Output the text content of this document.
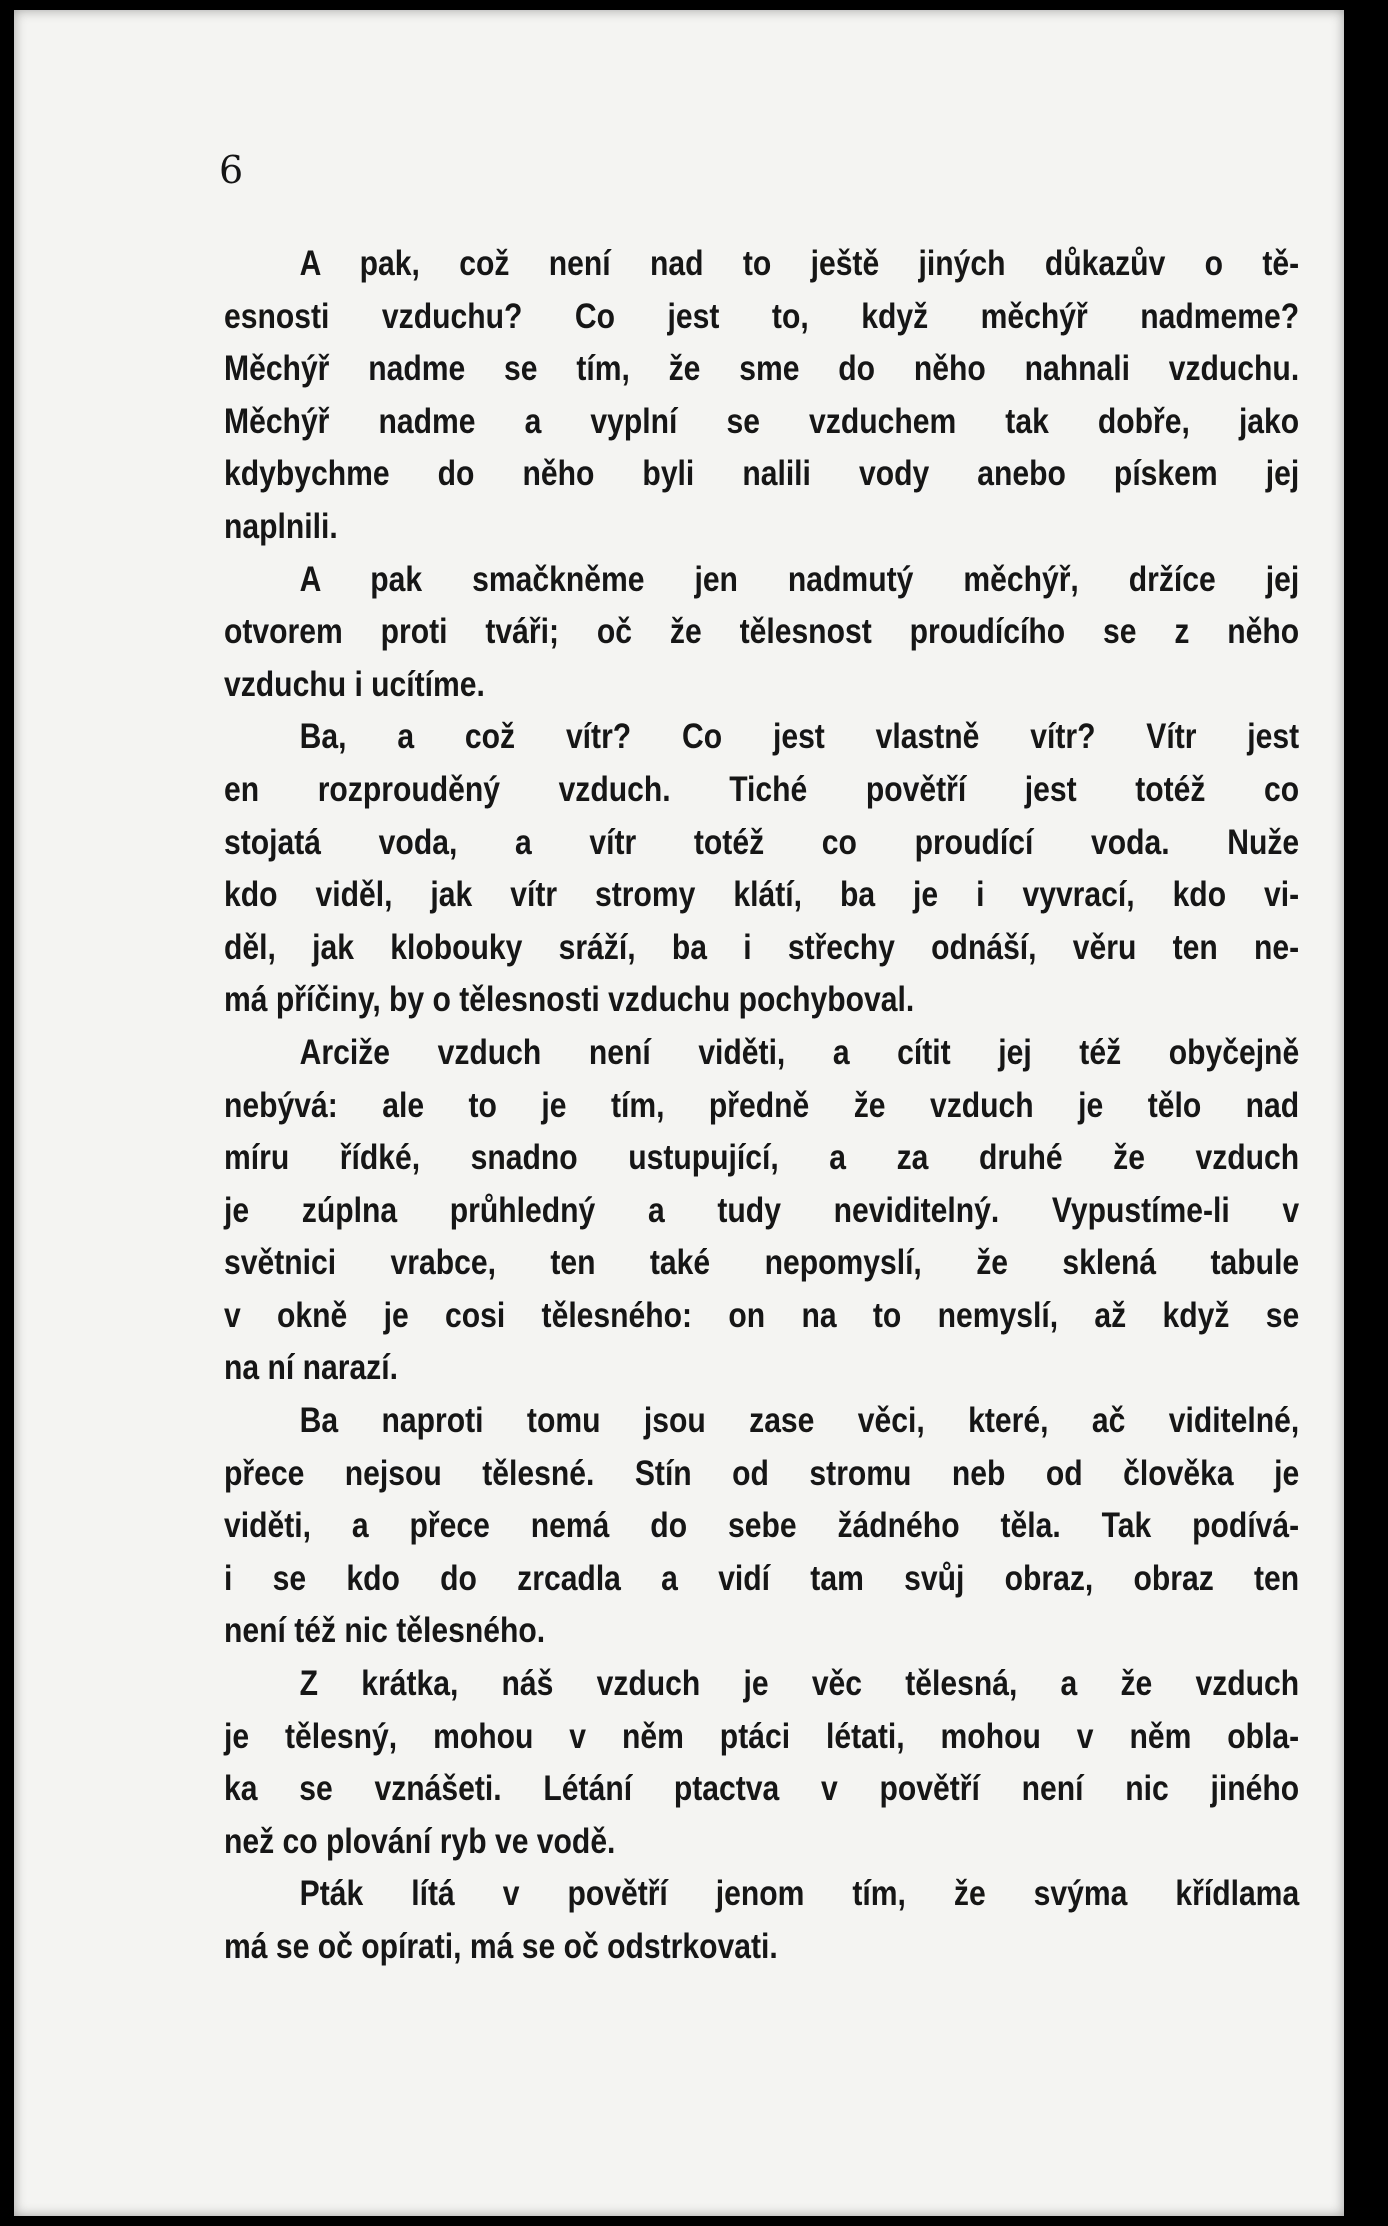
6
A pak, což není nad to ještě jiných důkazův o tě-
esnosti vzduchu? Co jest to, když měchýř nadmeme?
Měchýř nadme se tím, že sme do něho nahnali vzduchu.
Měchýř nadme a vyplní se vzduchem tak dobře, jako
kdybychme do něho byli nalili vody anebo pískem jej
naplnili.
A pak smačkněme jen nadmutý měchýř, držíce jej
otvorem proti tváři; oč že tělesnost proudícího se z něho
vzduchu i ucítíme.
Ba, a což vítr? Co jest vlastně vítr? Vítr jest
en rozprouděný vzduch. Tiché povětří jest totéž co
stojatá voda, a vítr totéž co proudící voda. Nuže
kdo viděl, jak vítr stromy klátí, ba je i vyvrací, kdo vi-
děl, jak klobouky sráží, ba i střechy odnáší, věru ten ne-
má příčiny, by o tělesnosti vzduchu pochyboval.
Arciže vzduch není viděti, a cítit jej též obyčejně
nebývá: ale to je tím, předně že vzduch je tělo nad
míru řídké, snadno ustupující, a za druhé že vzduch
je zúplna průhledný a tudy neviditelný. Vypustíme-li v
světnici vrabce, ten také nepomyslí, že sklená tabule
v okně je cosi tělesného: on na to nemyslí, až když se
na ní narazí.
Ba naproti tomu jsou zase věci, které, ač viditelné,
přece nejsou tělesné. Stín od stromu neb od člověka je
viděti, a přece nemá do sebe žádného těla. Tak podívá-
i se kdo do zrcadla a vidí tam svůj obraz, obraz ten
není též nic tělesného.
Z krátka, náš vzduch je věc tělesná, a že vzduch
je tělesný, mohou v něm ptáci létati, mohou v něm obla-
ka se vznášeti. Létání ptactva v povětří není nic jiného
než co plování ryb ve vodě.
Pták lítá v povětří jenom tím, že svýma křídlama
má se oč opírati, má se oč odstrkovati.
